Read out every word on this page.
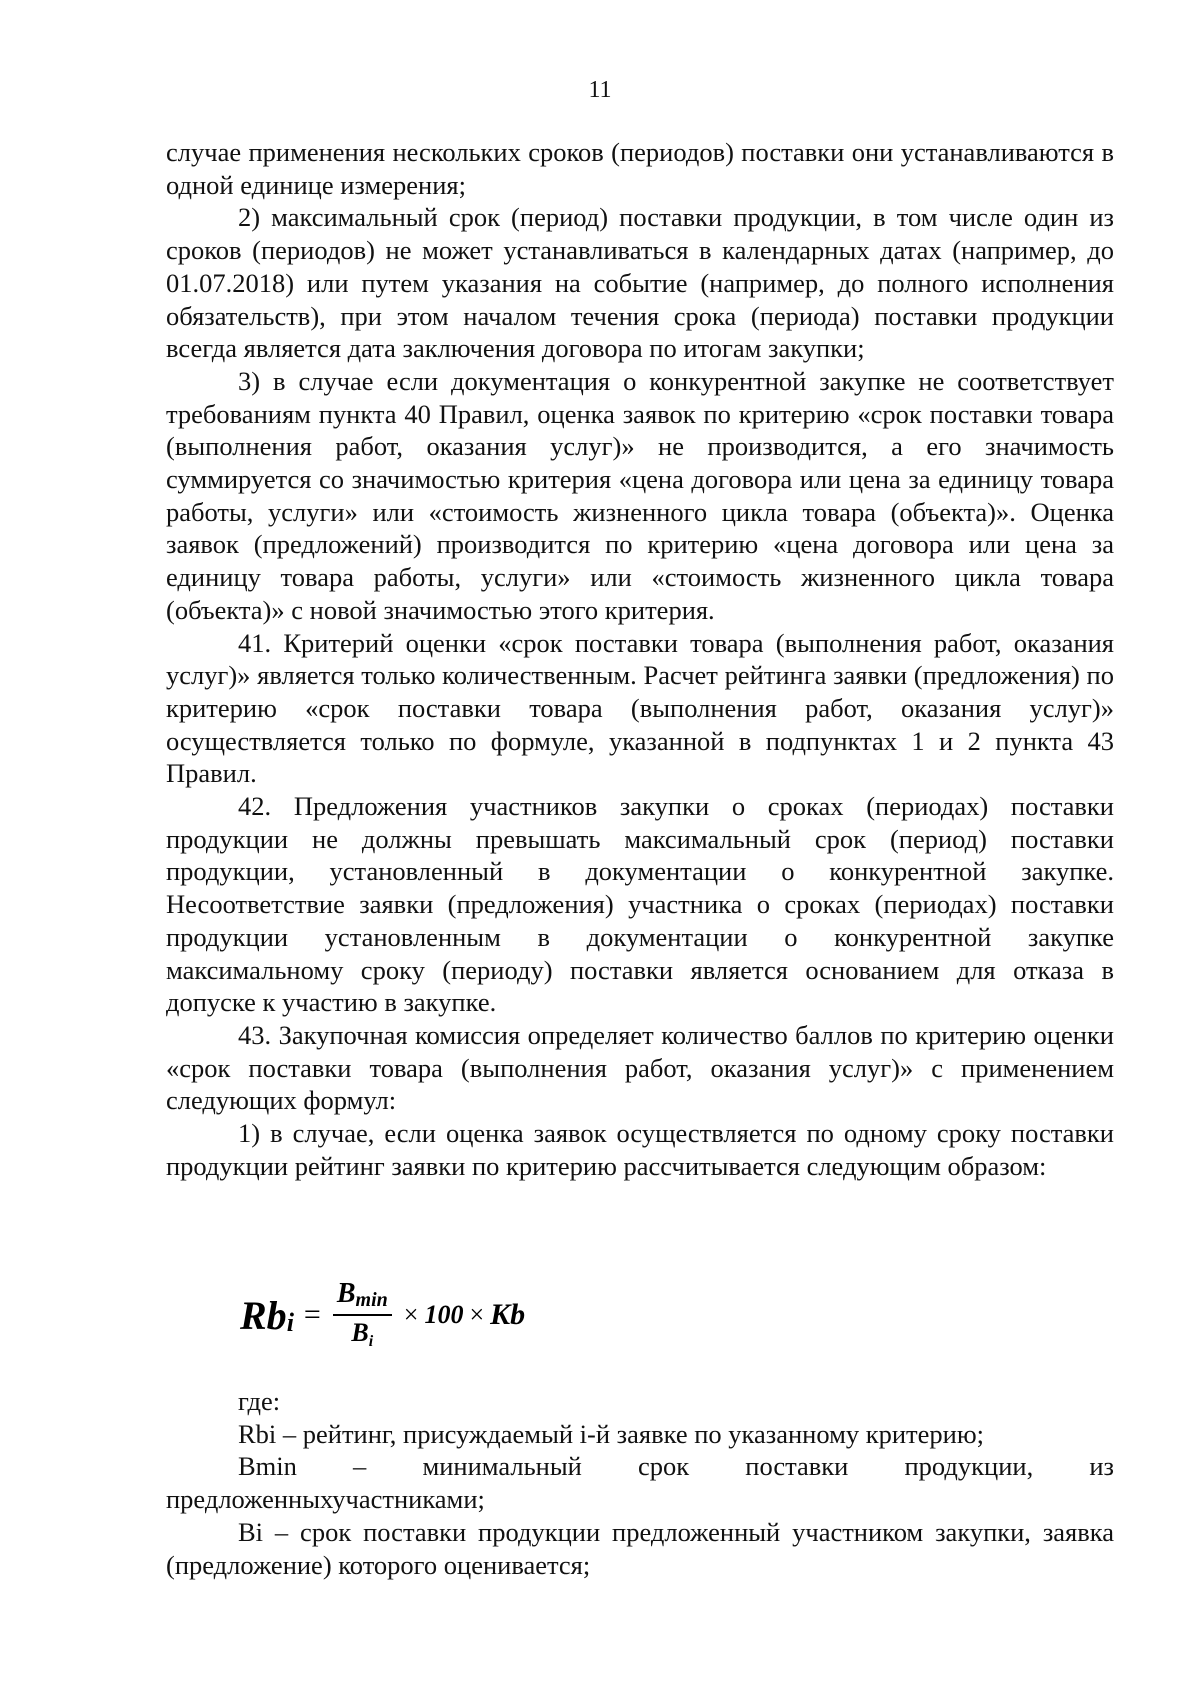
11

случае применения нескольких сроков (периодов) поставки они устанавливаются в одной единице измерения;

2) максимальный срок (период) поставки продукции, в том числе один из сроков (периодов) не может устанавливаться в календарных датах (например, до 01.07.2018) или путем указания на событие (например, до полного исполнения обязательств), при этом началом течения срока (периода) поставки продукции всегда является дата заключения договора по итогам закупки;

3) в случае если документация о конкурентной закупке не соответствует требованиям пункта 40 Правил, оценка заявок по критерию «срок поставки товара (выполнения работ, оказания услуг)» не производится, а его значимость суммируется со значимостью критерия «цена договора или цена за единицу товара работы, услуги» или «стоимость жизненного цикла товара (объекта)». Оценка заявок (предложений) производится по критерию «цена договора или цена за единицу товара работы, услуги» или «стоимость жизненного цикла товара (объекта)» с новой значимостью этого критерия.

41. Критерий оценки «срок поставки товара (выполнения работ, оказания услуг)» является только количественным. Расчет рейтинга заявки (предложения) по критерию «срок поставки товара (выполнения работ, оказания услуг)» осуществляется только по формуле, указанной в подпунктах 1 и 2 пункта 43 Правил.

42. Предложения участников закупки о сроках (периодах) поставки продукции не должны превышать максимальный срок (период) поставки продукции, установленный в документации о конкурентной закупке. Несоответствие заявки (предложения) участника о сроках (периодах) поставки продукции установленным в документации о конкурентной закупке максимальному сроку (периоду) поставки является основанием для отказа в допуске к участию в закупке.

43. Закупочная комиссия определяет количество баллов по критерию оценки «срок поставки товара (выполнения работ, оказания услуг)» с применением следующих формул:

1) в случае, если оценка заявок осуществляется по одному сроку поставки продукции рейтинг заявки по критерию рассчитывается следующим образом:

Rb $i = \frac{Bmin}{Bi} \times 100 \times Kb$

где:

Rbi – рейтинг, присуждаемый i-й заявке по указанному критерию;

Bmin – минимальный срок поставки продукции, из

предложенныхучастниками;

Bi – срок поставки продукции предложенный участником закупки, заявка (предложение) которого оценивается;
